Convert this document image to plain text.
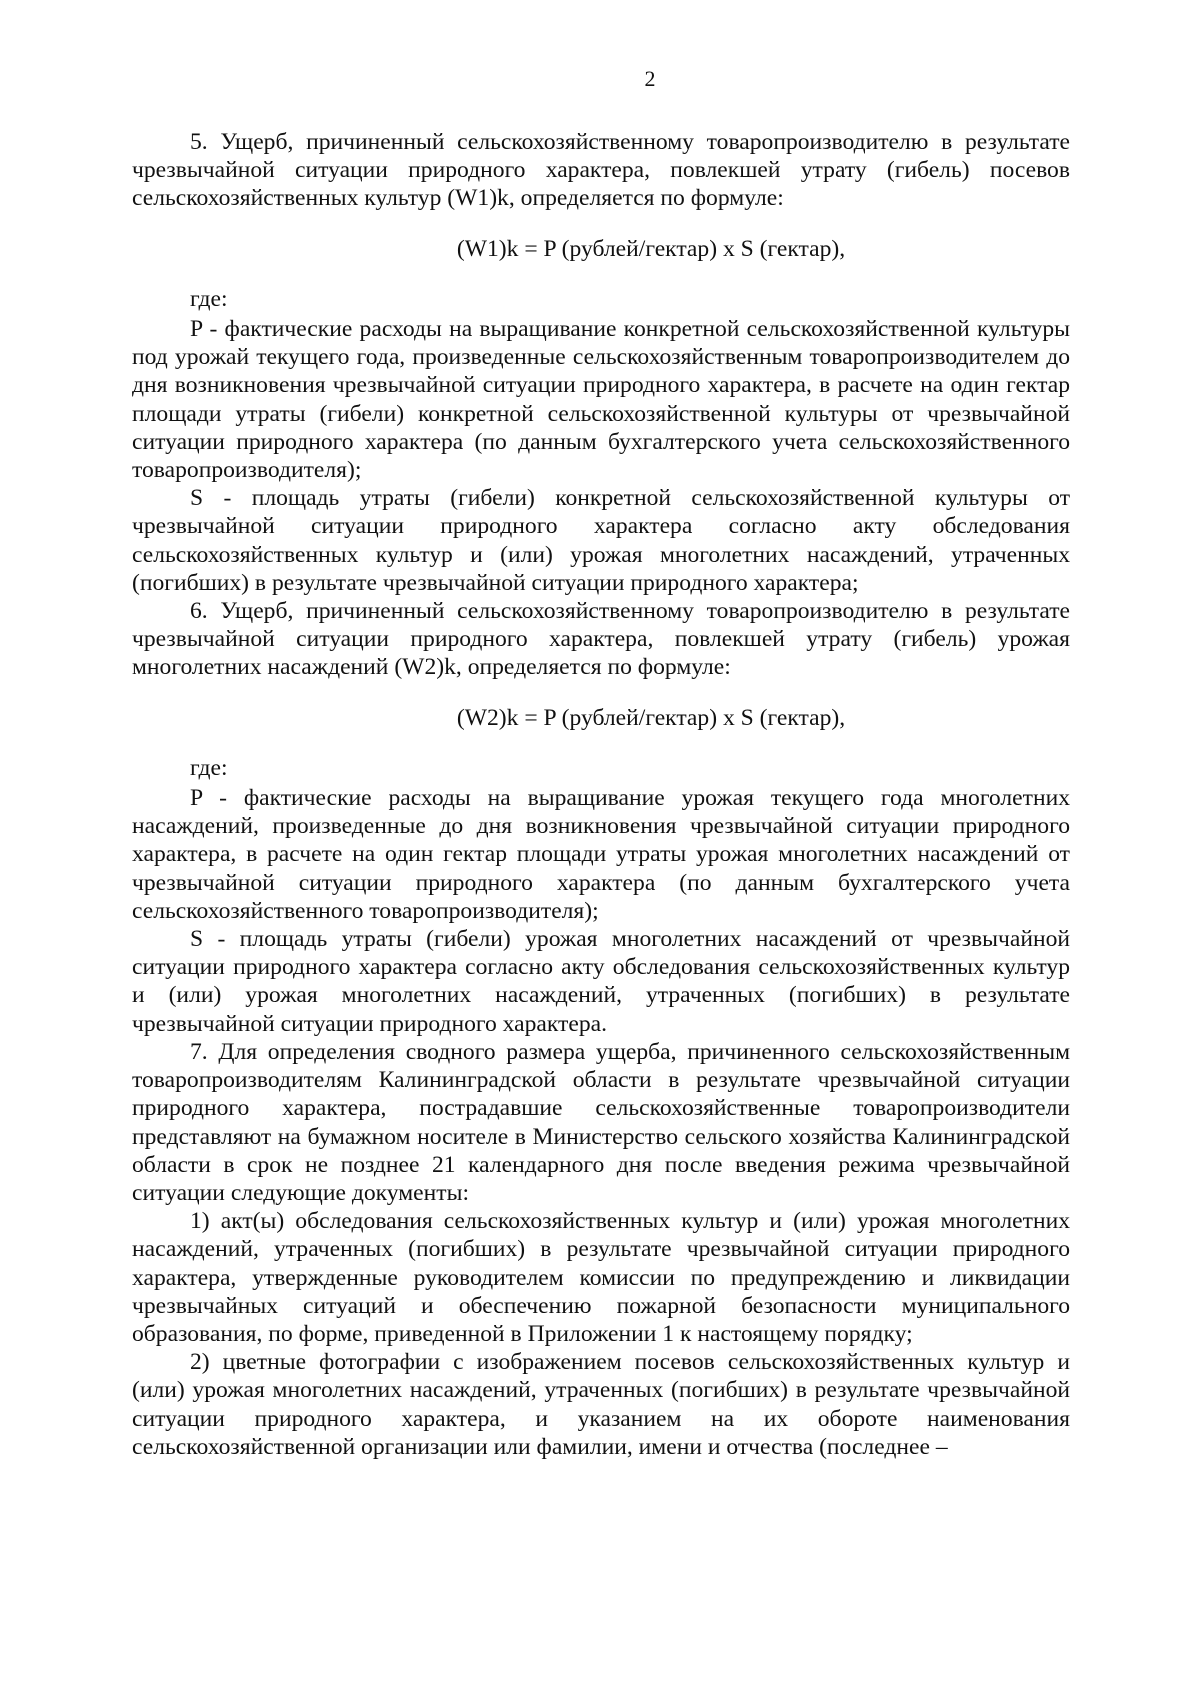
2

5. Ущерб, причиненный сельскохозяйственному товаропроизводителю в результате чрезвычайной ситуации природного характера, повлекшей утрату (гибель) посевов сельскохозяйственных культур (W1)k, определяется по формуле:

(W1)k = P (рублей/гектар) x S (гектар),

где:

P - фактические расходы на выращивание конкретной сельскохозяйственной культуры под урожай текущего года, произведенные сельскохозяйственным товаропроизводителем до дня возникновения чрезвычайной ситуации природного характера, в расчете на один гектар площади утраты (гибели) конкретной сельскохозяйственной культуры от чрезвычайной ситуации природного характера (по данным бухгалтерского учета сельскохозяйственного товаропроизводителя);

S - площадь утраты (гибели) конкретной сельскохозяйственной культуры от чрезвычайной ситуации природного характера согласно акту обследования сельскохозяйственных культур и (или) урожая многолетних насаждений, утраченных (погибших) в результате чрезвычайной ситуации природного характера;

6. Ущерб, причиненный сельскохозяйственному товаропроизводителю в результате чрезвычайной ситуации природного характера, повлекшей утрату (гибель) урожая многолетних насаждений (W2)k, определяется по формуле:

(W2)k = P (рублей/гектар) x S (гектар),

где:

P - фактические расходы на выращивание урожая текущего года многолетних насаждений, произведенные до дня возникновения чрезвычайной ситуации природного характера, в расчете на один гектар площади утраты урожая многолетних насаждений от чрезвычайной ситуации природного характера (по данным бухгалтерского учета сельскохозяйственного товаропроизводителя);

S - площадь утраты (гибели) урожая многолетних насаждений от чрезвычайной ситуации природного характера согласно акту обследования сельскохозяйственных культур и (или) урожая многолетних насаждений, утраченных (погибших) в результате чрезвычайной ситуации природного характера.

7. Для определения сводного размера ущерба, причиненного сельскохозяйственным товаропроизводителям Калининградской области в результате чрезвычайной ситуации природного характера, пострадавшие сельскохозяйственные товаропроизводители представляют на бумажном носителе в Министерство сельского хозяйства Калининградской области в срок не позднее 21 календарного дня после введения режима чрезвычайной ситуации следующие документы:

1) акт(ы) обследования сельскохозяйственных культур и (или) урожая многолетних насаждений, утраченных (погибших) в результате чрезвычайной ситуации природного характера, утвержденные руководителем комиссии по предупреждению и ликвидации чрезвычайных ситуаций и обеспечению пожарной безопасности муниципального образования, по форме, приведенной в Приложении 1 к настоящему порядку;

2) цветные фотографии с изображением посевов сельскохозяйственных культур и (или) урожая многолетних насаждений, утраченных (погибших) в результате чрезвычайной ситуации природного характера, и указанием на их обороте наименования сельскохозяйственной организации или фамилии, имени и отчества (последнее –
